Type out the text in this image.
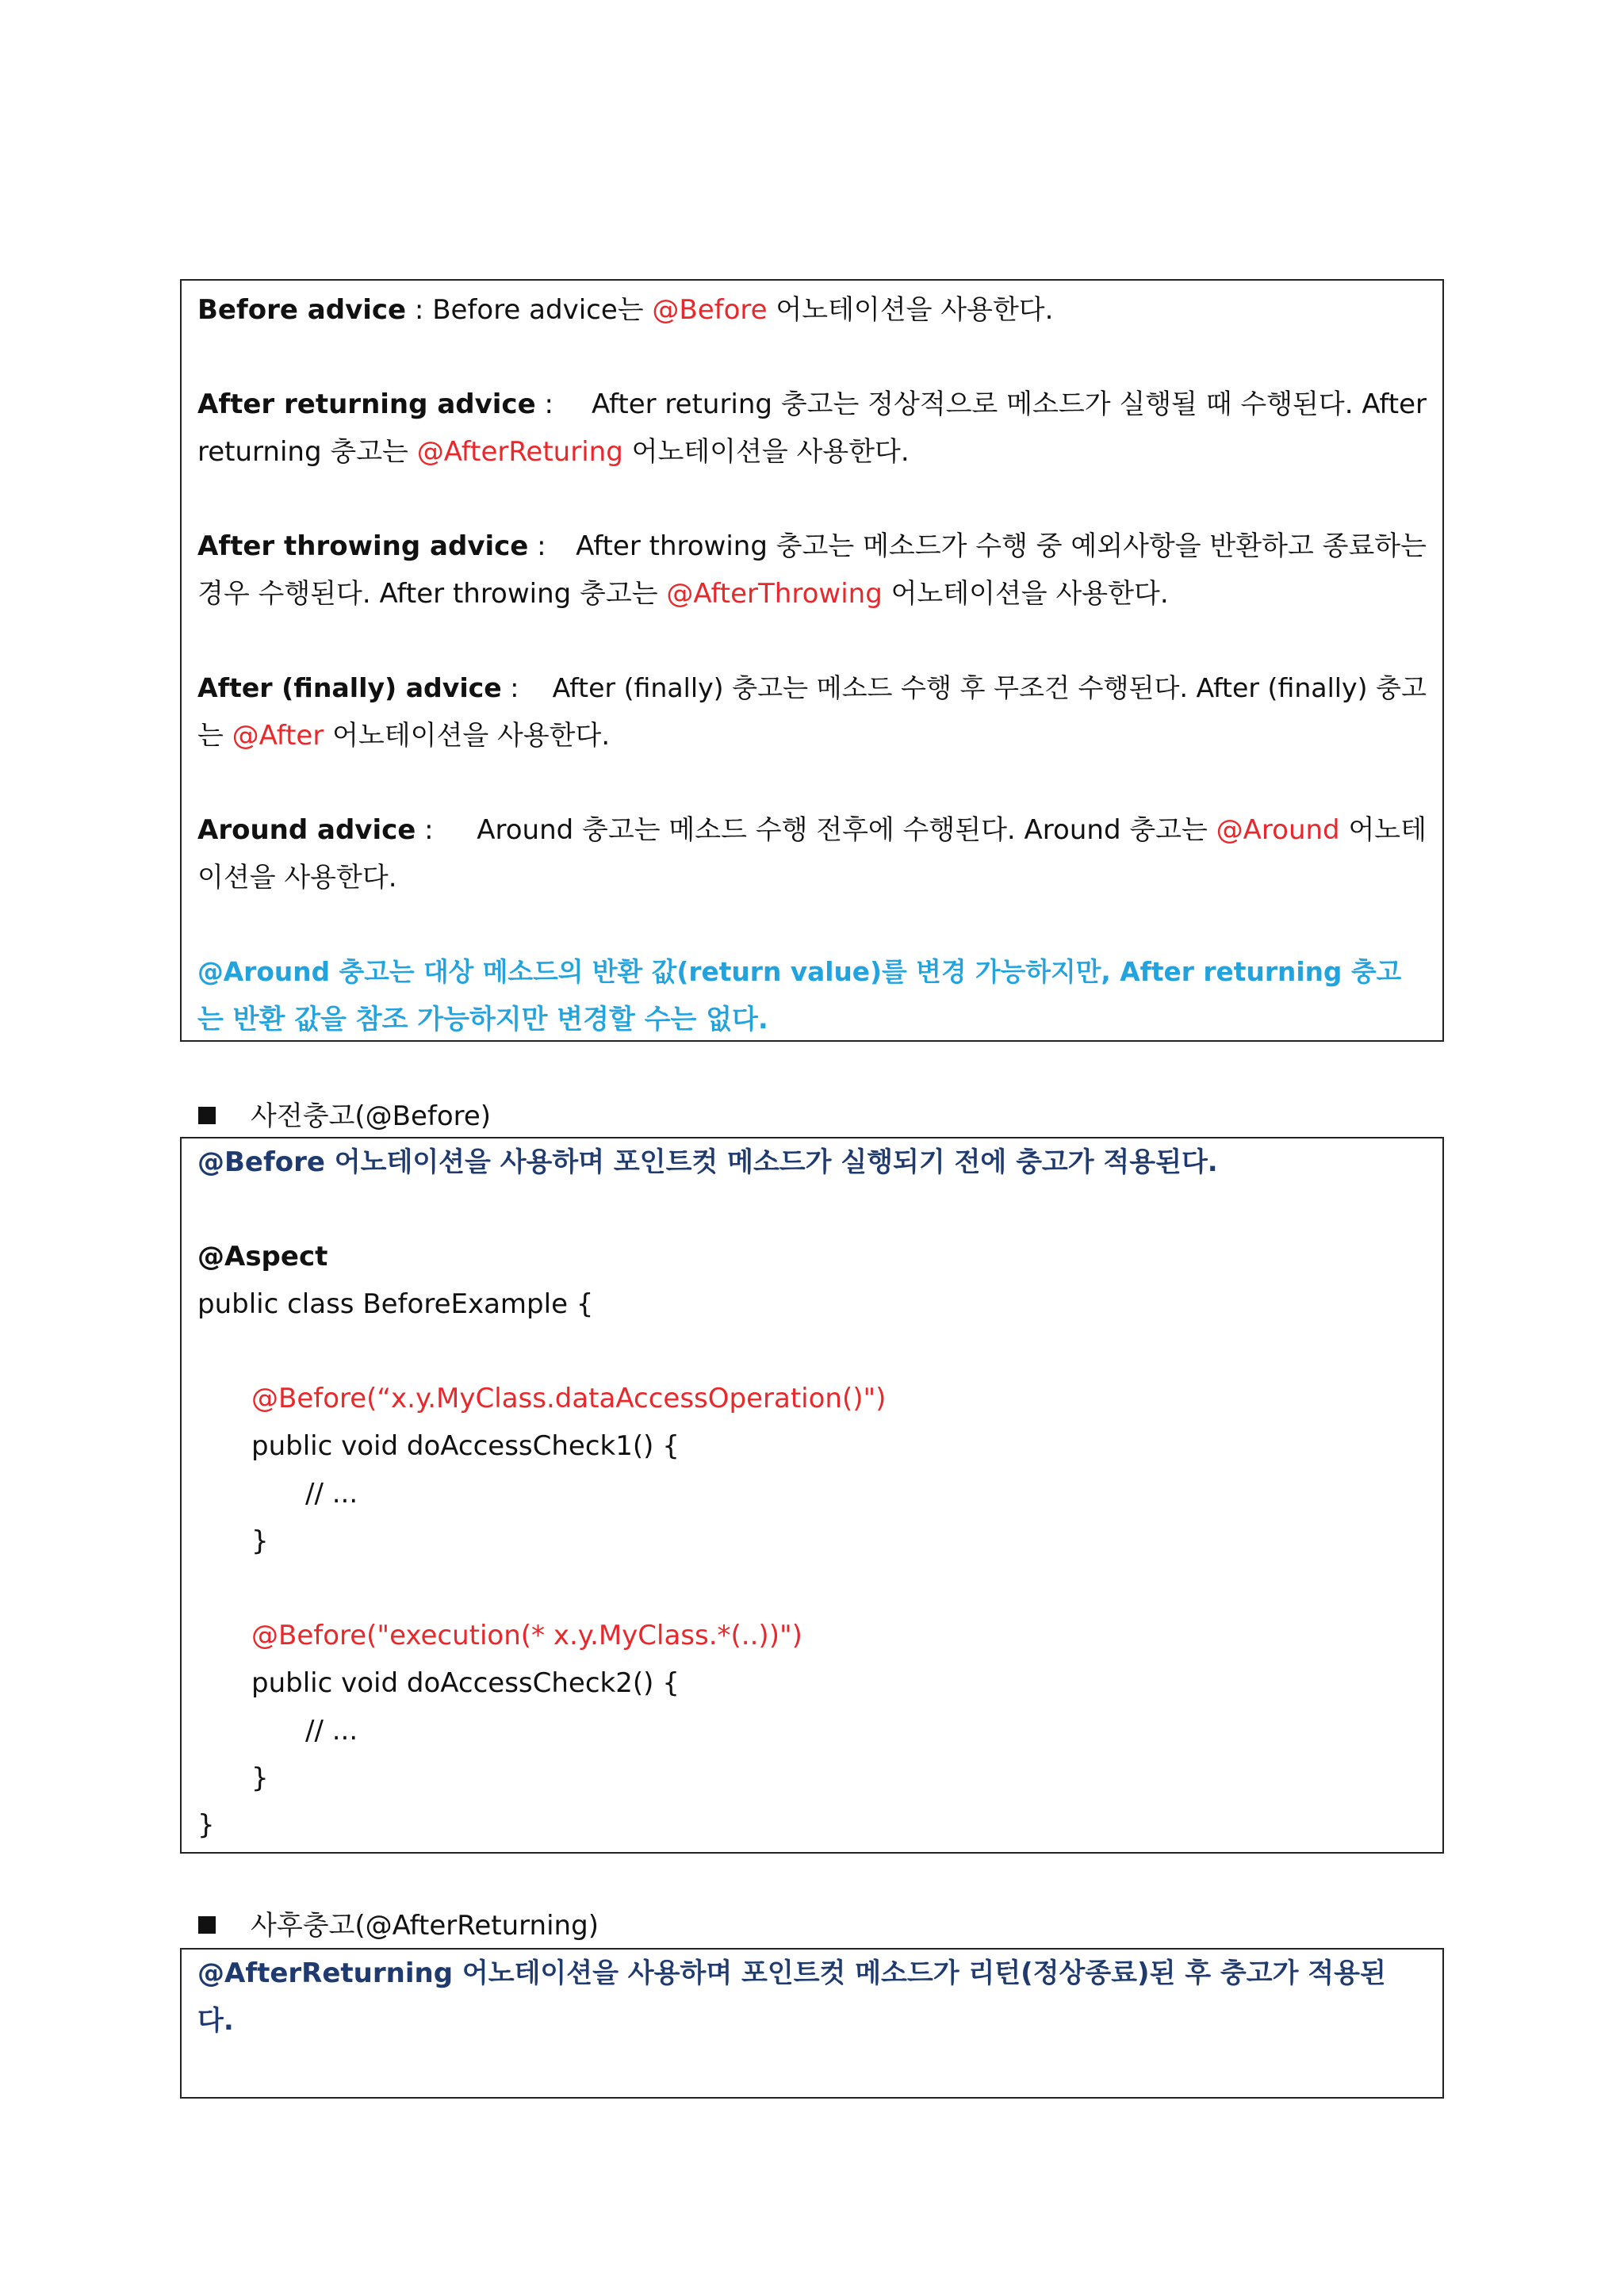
Before advice : Before advice는 @Before 어노테이션을 사용한다.
After returning advice : After returing 충고는 정상적으로 메소드가 실행될 때 수행된다. After
returning 충고는 @AfterReturing 어노테이션을 사용한다.
After throwing advice : After throwing 충고는 메소드가 수행 중 예외사항을 반환하고 종료하는
경우 수행된다. After throwing 충고는 @AfterThrowing 어노테이션을 사용한다.
After (finally) advice : After (finally) 충고는 메소드 수행 후 무조건 수행된다. After (finally) 충고
는 @After 어노테이션을 사용한다.
Around advice : Around 충고는 메소드 수행 전후에 수행된다. Around 충고는 @Around 어노테
이션을 사용한다.
@Around 충고는 대상 메소드의 반환 값(return value)를 변경 가능하지만, After returning 충고
는 반환 값을 참조 가능하지만 변경할 수는 없다.
사전충고(@Before)
@Before 어노테이션을 사용하며 포인트컷 메소드가 실행되기 전에 충고가 적용된다.
@Aspect
public class BeforeExample {
@Before(“x.y.MyClass.dataAccessOperation()")
public void doAccessCheck1() {
// ...
}
@Before("execution(* x.y.MyClass.*(..))")
public void doAccessCheck2() {
// ...
}
}
사후충고(@AfterReturning)
@AfterReturning 어노테이션을 사용하며 포인트컷 메소드가 리턴(정상종료)된 후 충고가 적용된
다.
